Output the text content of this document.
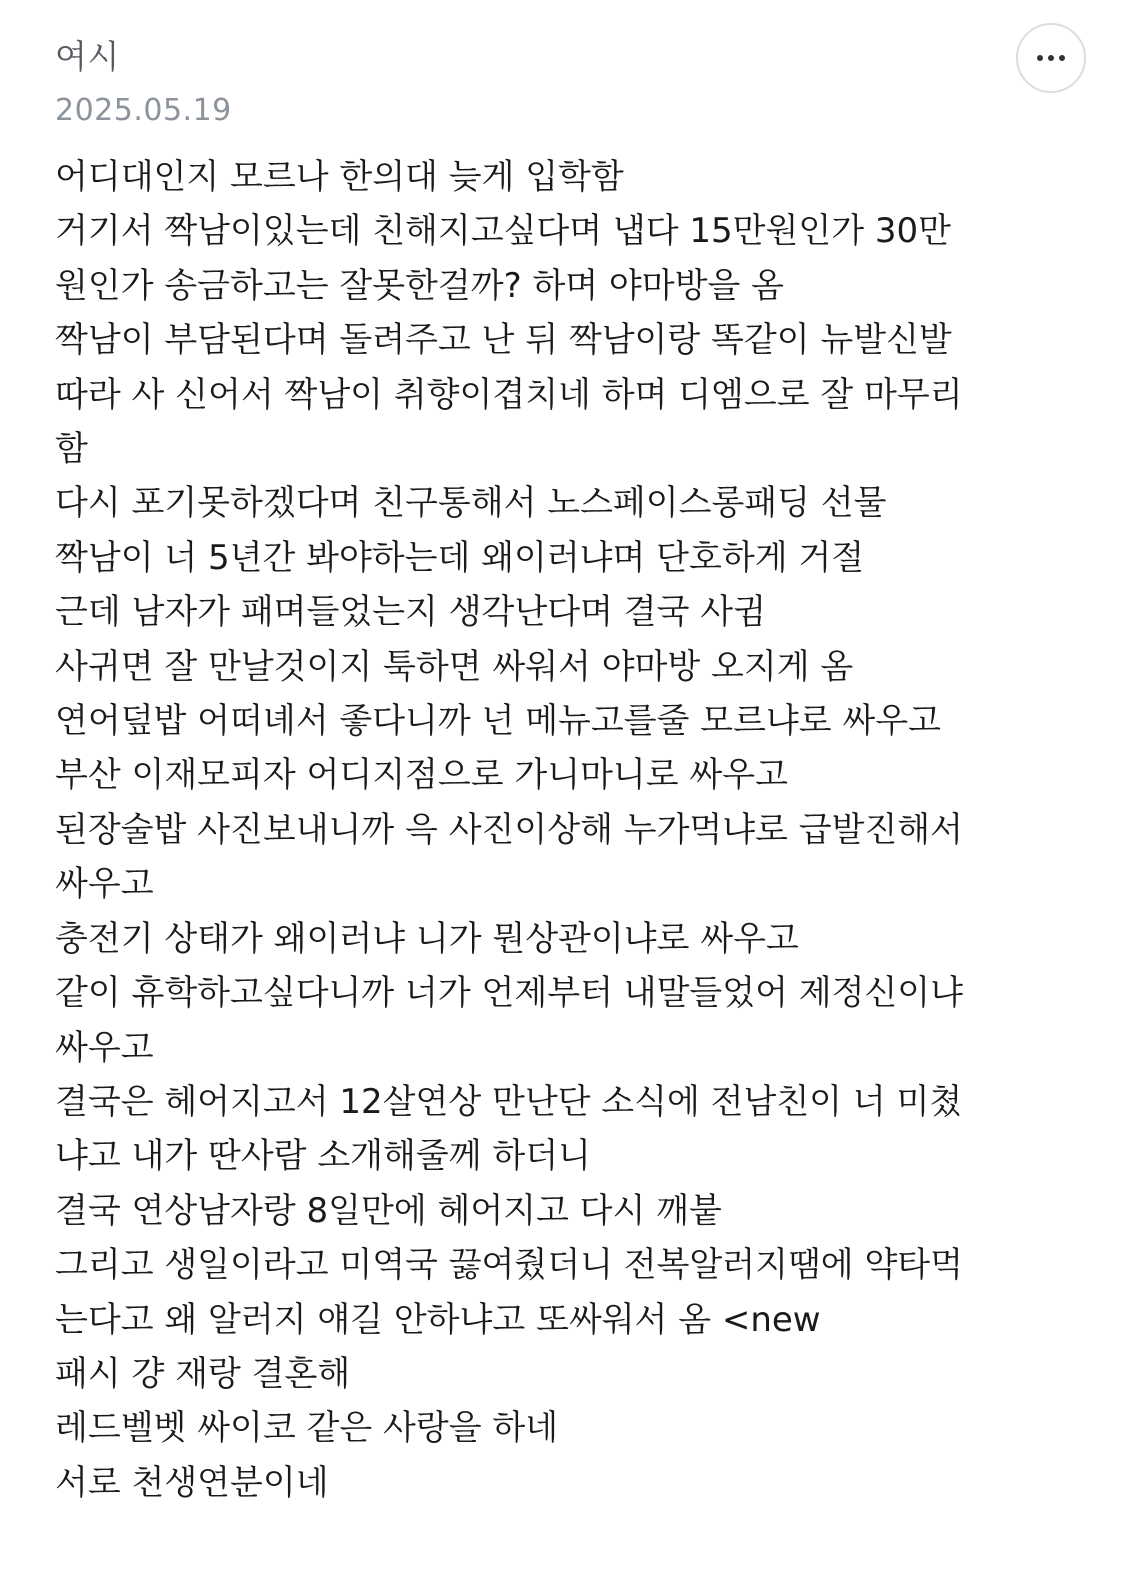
여시
2025.05.19
어디대인지 모르나 한의대 늦게 입학함
거기서 짝남이있는데 친해지고싶다며 냅다 15만원인가 30만
원인가 송금하고는 잘못한걸까? 하며 야마방을 옴
짝남이 부담된다며 돌려주고 난 뒤 짝남이랑 똑같이 뉴발신발
따라 사 신어서 짝남이 취향이겹치네 하며 디엠으로 잘 마무리
함
다시 포기못하겠다며 친구통해서 노스페이스롱패딩 선물
짝남이 너 5년간 봐야하는데 왜이러냐며 단호하게 거절
근데 남자가 패며들었는지 생각난다며 결국 사귐
사귀면 잘 만날것이지 툭하면 싸워서 야마방 오지게 옴
연어덮밥 어떠녜서 좋다니까 넌 메뉴고를줄 모르냐로 싸우고
부산 이재모피자 어디지점으로 가니마니로 싸우고
된장술밥 사진보내니까 윽 사진이상해 누가먹냐로 급발진해서
싸우고
충전기 상태가 왜이러냐 니가 뭔상관이냐로 싸우고
같이 휴학하고싶다니까 너가 언제부터 내말들었어 제정신이냐
싸우고
결국은 헤어지고서 12살연상 만난단 소식에 전남친이 너 미쳤
냐고 내가 딴사람 소개해줄께 하더니
결국 연상남자랑 8일만에 헤어지고 다시 깨붙
그리고 생일이라고 미역국 끓여줬더니 전복알러지땜에 약타먹
는다고 왜 알러지 얘길 안하냐고 또싸워서 옴 <new
패시 걍 재랑 결혼해
레드벨벳 싸이코 같은 사랑을 하네
서로 천생연분이네
